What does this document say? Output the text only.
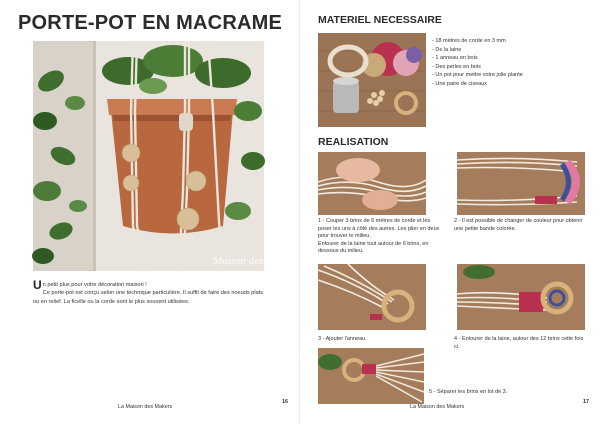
PORTE-POT EN MACRAME
Maison des Makers

Un petit plus pour votre décoration maison !

Ce porte-pot est conçu selon une technique particulière. Il suffit de faire des noeuds plats ou en relief. La ficelle ou la corde sont le plus souvent utilisées.

La Maison des Makers
16
MATERIEL NECESSAIRE
- 18 mètres de corde en 3 mm
- De la laine
- 1 anneau en bois
- Des perles en bois
- Un pot pour mettre votre jolie plante
- Une paire de ciseaux
REALISATION

1 - Couper 3 brins de 6 mètres de corde et les poser les uns à côté des autres. Les plier en deux pour trouver le milieu.

Entourer de la laine tout autour de 6 brins, en dessous du milieu.

2 - Il est possible de changer de couleur pour obtenir une petite bande colorée.
3 - Ajouter l'anneau.	4 - Entourer de la laine, autour des 12 brins cette fois ci.
5 - Séparer les brins en lot de 3.
La Maison des Makers
17
